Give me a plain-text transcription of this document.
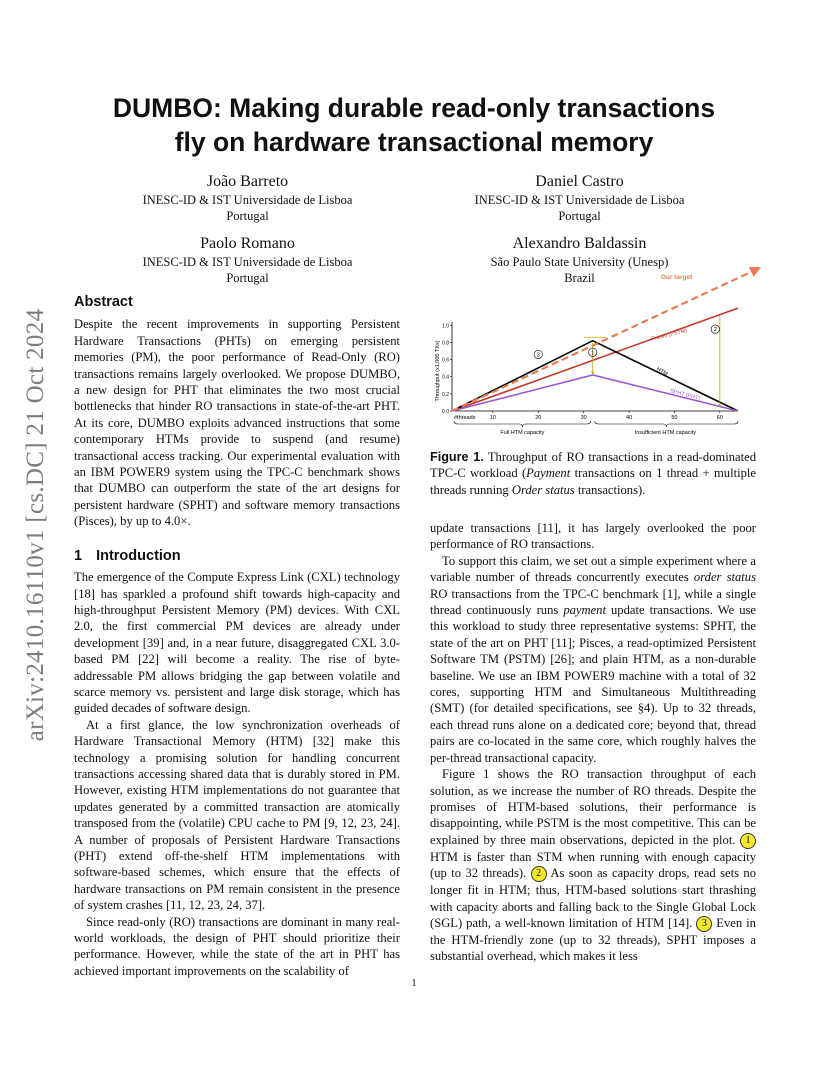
arXiv:2410.16110v1 [cs.DC] 21 Oct 2024
DUMBO: Making durable read-only transactions
fly on hardware transactional memory
João Barreto
INESC-ID & IST Universidade de Lisboa
Portugal
Daniel Castro
INESC-ID & IST Universidade de Lisboa
Portugal
Paolo Romano
INESC-ID & IST Universidade de Lisboa
Portugal
Alexandro Baldassin
São Paulo State University (Unesp)
Brazil
Abstract

Despite the recent improvements in supporting Persistent Hardware Transactions (PHTs) on emerging persistent memories (PM), the poor performance of Read-Only (RO) transactions remains largely overlooked. We propose DUMBO, a new design for PHT that eliminates the two most crucial bottlenecks that hinder RO transactions in state-of-the-art PHT. At its core, DUMBO exploits advanced instructions that some contemporary HTMs provide to suspend (and resume) transactional access tracking. Our experimental evaluation with an IBM POWER9 system using the TPC-C benchmark shows that DUMBO can outperform the state of the art designs for persistent hardware (SPHT) and software memory transactions (Pisces), by up to 4.0×.

1 Introduction

The emergence of the Compute Express Link (CXL) technology [18] has sparkled a profound shift towards high-capacity and high-throughput Persistent Memory (PM) devices. With CXL 2.0, the first commercial PM devices are already under development [39] and, in a near future, disaggregated CXL 3.0-based PM [22] will become a reality. The rise of byte-addressable PM allows bridging the gap between volatile and scarce memory vs. persistent and large disk storage, which has guided decades of software design.

At a first glance, the low synchronization overheads of Hardware Transactional Memory (HTM) [32] make this technology a promising solution for handling concurrent transactions accessing shared data that is durably stored in PM. However, existing HTM implementations do not guarantee that updates generated by a committed transaction are atomically transposed from the (volatile) CPU cache to PM [9, 12, 23, 24]. A number of proposals of Persistent Hardware Transactions (PHT) extend off-the-shelf HTM implementations with software-based schemes, which ensure that the effects of hardware transactions on PM remain consistent in the presence of system crashes [11, 12, 23, 24, 37].

Since read-only (RO) transactions are dominant in many real-world workloads, the design of PHT should prioritize their performance. However, while the state of the art in PHT has achieved important improvements on the scalability of

0.0
0.2
0.4
0.6
0.8
1.0
Throughput (x1,000 TXs)
#threads	10	20	30	40	50	60
Pisces (PSTM)
HTM
SPHT (PHT)
Our target
1
2
3
Full HTM capacity	Insufficient HTM capacity
Figure 1. Throughput of RO transactions in a read-dominated TPC-C workload (Payment transactions on 1 thread + multiple threads running Order status transactions).

update transactions [11], it has largely overlooked the poor performance of RO transactions.

To support this claim, we set out a simple experiment where a variable number of threads concurrently executes order status RO transactions from the TPC-C benchmark [1], while a single thread continuously runs payment update transactions. We use this workload to study three representative systems: SPHT, the state of the art on PHT [11]; Pisces, a read-optimized Persistent Software TM (PSTM) [26]; and plain HTM, as a non-durable baseline. We use an IBM POWER9 machine with a total of 32 cores, supporting HTM and Simultaneous Multithreading (SMT) (for detailed specifications, see §4). Up to 32 threads, each thread runs alone on a dedicated core; beyond that, thread pairs are co-located in the same core, which roughly halves the per-thread transactional capacity.

Figure 1 shows the RO transaction throughput of each solution, as we increase the number of RO threads. Despite the promises of HTM-based solutions, their performance is disappointing, while PSTM is the most competitive. This can be explained by three main observations, depicted in the plot. 1 HTM is faster than STM when running with enough capacity (up to 32 threads). 2 As soon as capacity drops, read sets no longer fit in HTM; thus, HTM-based solutions start thrashing with capacity aborts and falling back to the Single Global Lock (SGL) path, a well-known limitation of HTM [14]. 3 Even in the HTM-friendly zone (up to 32 threads), SPHT imposes a substantial overhead, which makes it less

1
